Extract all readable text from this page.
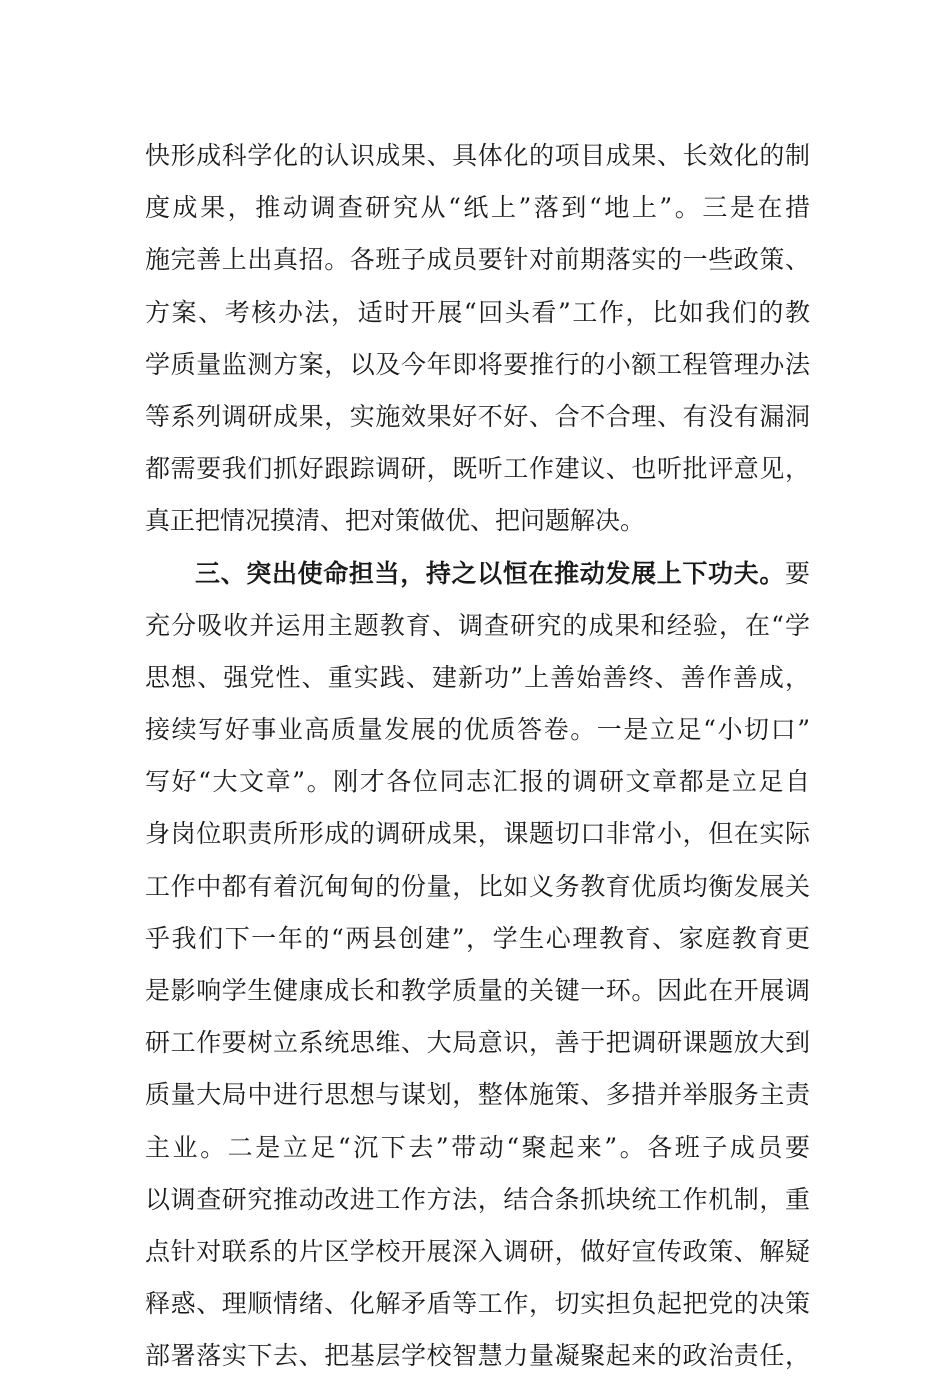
快形成科学化的认识成果、具体化的项目成果、长效化的制
度成果，推动调查研究从“纸上”落到“地上”。三是在措
施完善上出真招。各班子成员要针对前期落实的一些政策、
方案、考核办法，适时开展“回头看”工作，比如我们的教
学质量监测方案，以及今年即将要推行的小额工程管理办法
等系列调研成果，实施效果好不好、合不合理、有没有漏洞
都需要我们抓好跟踪调研，既听工作建议、也听批评意见，
真正把情况摸清、把对策做优、把问题解决。
三、突出使命担当，持之以恒在推动发展上下功夫。要
充分吸收并运用主题教育、调查研究的成果和经验，在“学
思想、强党性、重实践、建新功”上善始善终、善作善成，
接续写好事业高质量发展的优质答卷。一是立足“小切口”
写好“大文章”。刚才各位同志汇报的调研文章都是立足自
身岗位职责所形成的调研成果，课题切口非常小，但在实际
工作中都有着沉甸甸的份量，比如义务教育优质均衡发展关
乎我们下一年的“两县创建”，学生心理教育、家庭教育更
是影响学生健康成长和教学质量的关键一环。因此在开展调
研工作要树立系统思维、大局意识，善于把调研课题放大到
质量大局中进行思想与谋划，整体施策、多措并举服务主责
主业。二是立足“沉下去”带动“聚起来”。各班子成员要
以调查研究推动改进工作方法，结合条抓块统工作机制，重
点针对联系的片区学校开展深入调研，做好宣传政策、解疑
释惑、理顺情绪、化解矛盾等工作，切实担负起把党的决策
部署落实下去、把基层学校智慧力量凝聚起来的政治责任，
